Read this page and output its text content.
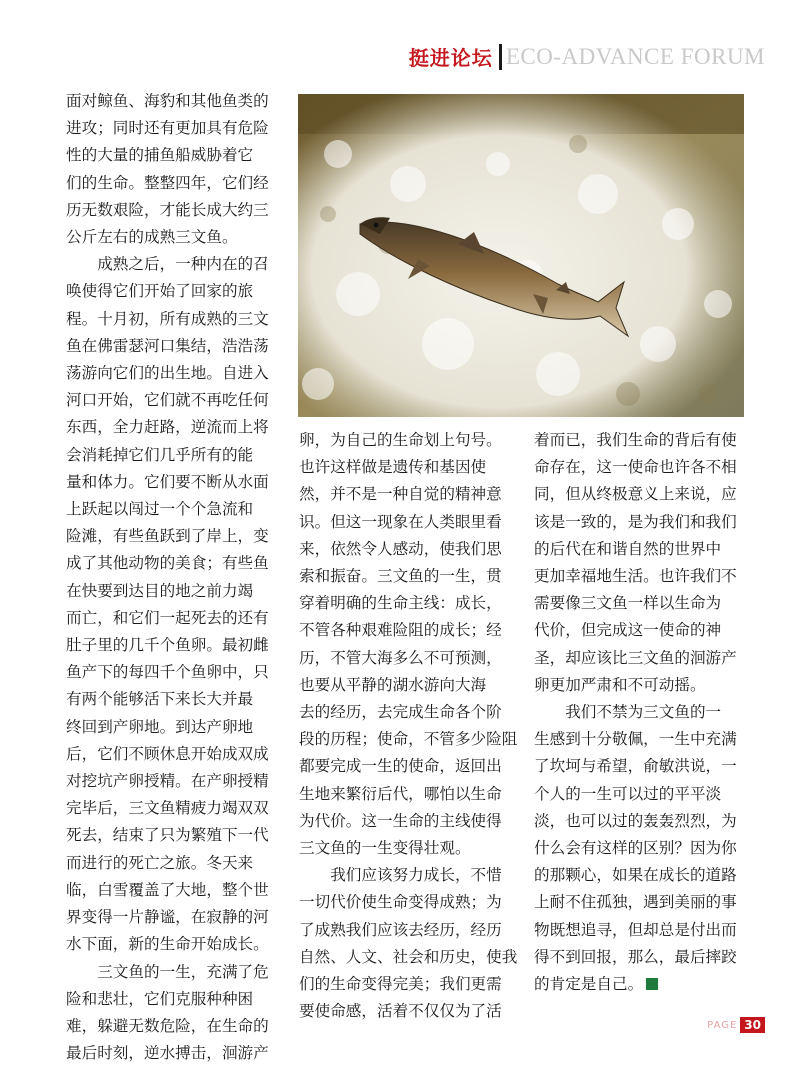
挺进论坛 ECO-ADVANCE FORUM

面对鲸鱼、海豹和其他鱼类的

进攻；同时还有更加具有危险

性的大量的捕鱼船威胁着它

们的生命。整整四年，它们经

历无数艰险，才能长成大约三

公斤左右的成熟三文鱼。

　　成熟之后，一种内在的召

唤使得它们开始了回家的旅

程。十月初，所有成熟的三文

鱼在佛雷瑟河口集结，浩浩荡

荡游向它们的出生地。自进入

河口开始，它们就不再吃任何

东西，全力赶路，逆流而上将

会消耗掉它们几乎所有的能

量和体力。它们要不断从水面

上跃起以闯过一个个急流和

险滩，有些鱼跃到了岸上，变

成了其他动物的美食；有些鱼

在快要到达目的地之前力竭

而亡，和它们一起死去的还有

肚子里的几千个鱼卵。最初雌

鱼产下的每四千个鱼卵中，只

有两个能够活下来长大并最

终回到产卵地。到达产卵地

后，它们不顾休息开始成双成

对挖坑产卵授精。在产卵授精

完毕后，三文鱼精疲力竭双双

死去，结束了只为繁殖下一代

而进行的死亡之旅。冬天来

临，白雪覆盖了大地，整个世

界变得一片静谧，在寂静的河

水下面，新的生命开始成长。

　　三文鱼的一生，充满了危

险和悲壮，它们克服种种困

难，躲避无数危险，在生命的

最后时刻，逆水搏击，洄游产

卵，为自己的生命划上句号。

也许这样做是遗传和基因使

然，并不是一种自觉的精神意

识。但这一现象在人类眼里看

来，依然令人感动，使我们思

索和振奋。三文鱼的一生，贯

穿着明确的生命主线：成长，

不管各种艰难险阻的成长；经

历，不管大海多么不可预测，

也要从平静的湖水游向大海

去的经历，去完成生命各个阶

段的历程；使命，不管多少险阻

都要完成一生的使命，返回出

生地来繁衍后代，哪怕以生命

为代价。这一生命的主线使得

三文鱼的一生变得壮观。

　　我们应该努力成长，不惜

一切代价使生命变得成熟；为

了成熟我们应该去经历，经历

自然、人文、社会和历史，使我

们的生命变得完美；我们更需

要使命感，活着不仅仅为了活

着而已，我们生命的背后有使

命存在，这一使命也许各不相

同，但从终极意义上来说，应

该是一致的，是为我们和我们

的后代在和谐自然的世界中

更加幸福地生活。也许我们不

需要像三文鱼一样以生命为

代价，但完成这一使命的神

圣，却应该比三文鱼的洄游产

卵更加严肃和不可动摇。

　　我们不禁为三文鱼的一

生感到十分敬佩，一生中充满

了坎坷与希望，俞敏洪说，一

个人的一生可以过的平平淡

淡，也可以过的轰轰烈烈，为

什么会有这样的区别？因为你

的那颗心，如果在成长的道路

上耐不住孤独，遇到美丽的事

物既想追寻，但却总是付出而

得不到回报，那么，最后摔跤

的肯定是自己。

PAGE 30
